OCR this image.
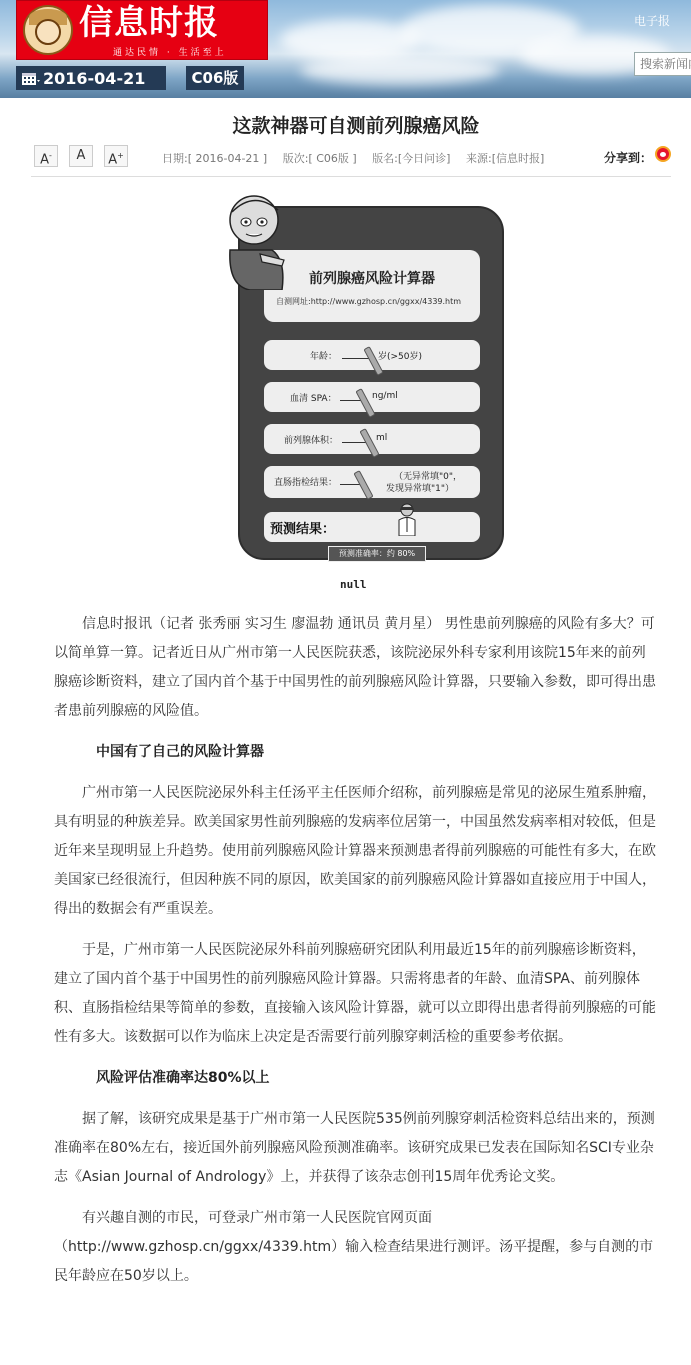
信息时报
通达民情 · 生活至上
2016-04-21	C06版
电子报
搜索新闻内容
这款神器可自测前列腺癌风险
A-	A	A+	日期:[ 2016-04-21 ] 版次:[ C06版 ] 版名:[今日问诊] 来源:[信息时报]	分享到：
前列腺癌风险计算器
自测网址:http://www.gzhosp.cn/ggxx/4339.htm
年龄：	岁(>50岁)
血清 SPA：	ng/ml
前列腺体积：	ml
直肠指检结果：
（无异常填"0"，
发现异常填"1"）
预测结果：
预测准确率：约 80%
null

信息时报讯（记者 张秀丽 实习生 廖温勃 通讯员 黄月星） 男性患前列腺癌的风险有多大？可以简单算一算。记者近日从广州市第一人民医院获悉，该院泌尿外科专家利用该院15年来的前列腺癌诊断资料，建立了国内首个基于中国男性的前列腺癌风险计算器，只要输入参数，即可得出患者患前列腺癌的风险值。

中国有了自己的风险计算器

广州市第一人民医院泌尿外科主任汤平主任医师介绍称，前列腺癌是常见的泌尿生殖系肿瘤，具有明显的种族差异。欧美国家男性前列腺癌的发病率位居第一，中国虽然发病率相对较低，但是近年来呈现明显上升趋势。使用前列腺癌风险计算器来预测患者得前列腺癌的可能性有多大，在欧美国家已经很流行，但因种族不同的原因，欧美国家的前列腺癌风险计算器如直接应用于中国人，得出的数据会有严重误差。

于是，广州市第一人民医院泌尿外科前列腺癌研究团队利用最近15年的前列腺癌诊断资料，建立了国内首个基于中国男性的前列腺癌风险计算器。只需将患者的年龄、血清SPA、前列腺体积、直肠指检结果等简单的参数，直接输入该风险计算器，就可以立即得出患者得前列腺癌的可能性有多大。该数据可以作为临床上决定是否需要行前列腺穿刺活检的重要参考依据。

风险评估准确率达80%以上

据了解，该研究成果是基于广州市第一人民医院535例前列腺穿刺活检资料总结出来的，预测准确率在80%左右，接近国外前列腺癌风险预测准确率。该研究成果已发表在国际知名SCI专业杂志《Asian Journal of Andrology》上，并获得了该杂志创刊15周年优秀论文奖。

有兴趣自测的市民，可登录广州市第一人民医院官网页面（http://www.gzhosp.cn/ggxx/4339.htm）输入检查结果进行测评。汤平提醒，参与自测的市民年龄应在50岁以上。
